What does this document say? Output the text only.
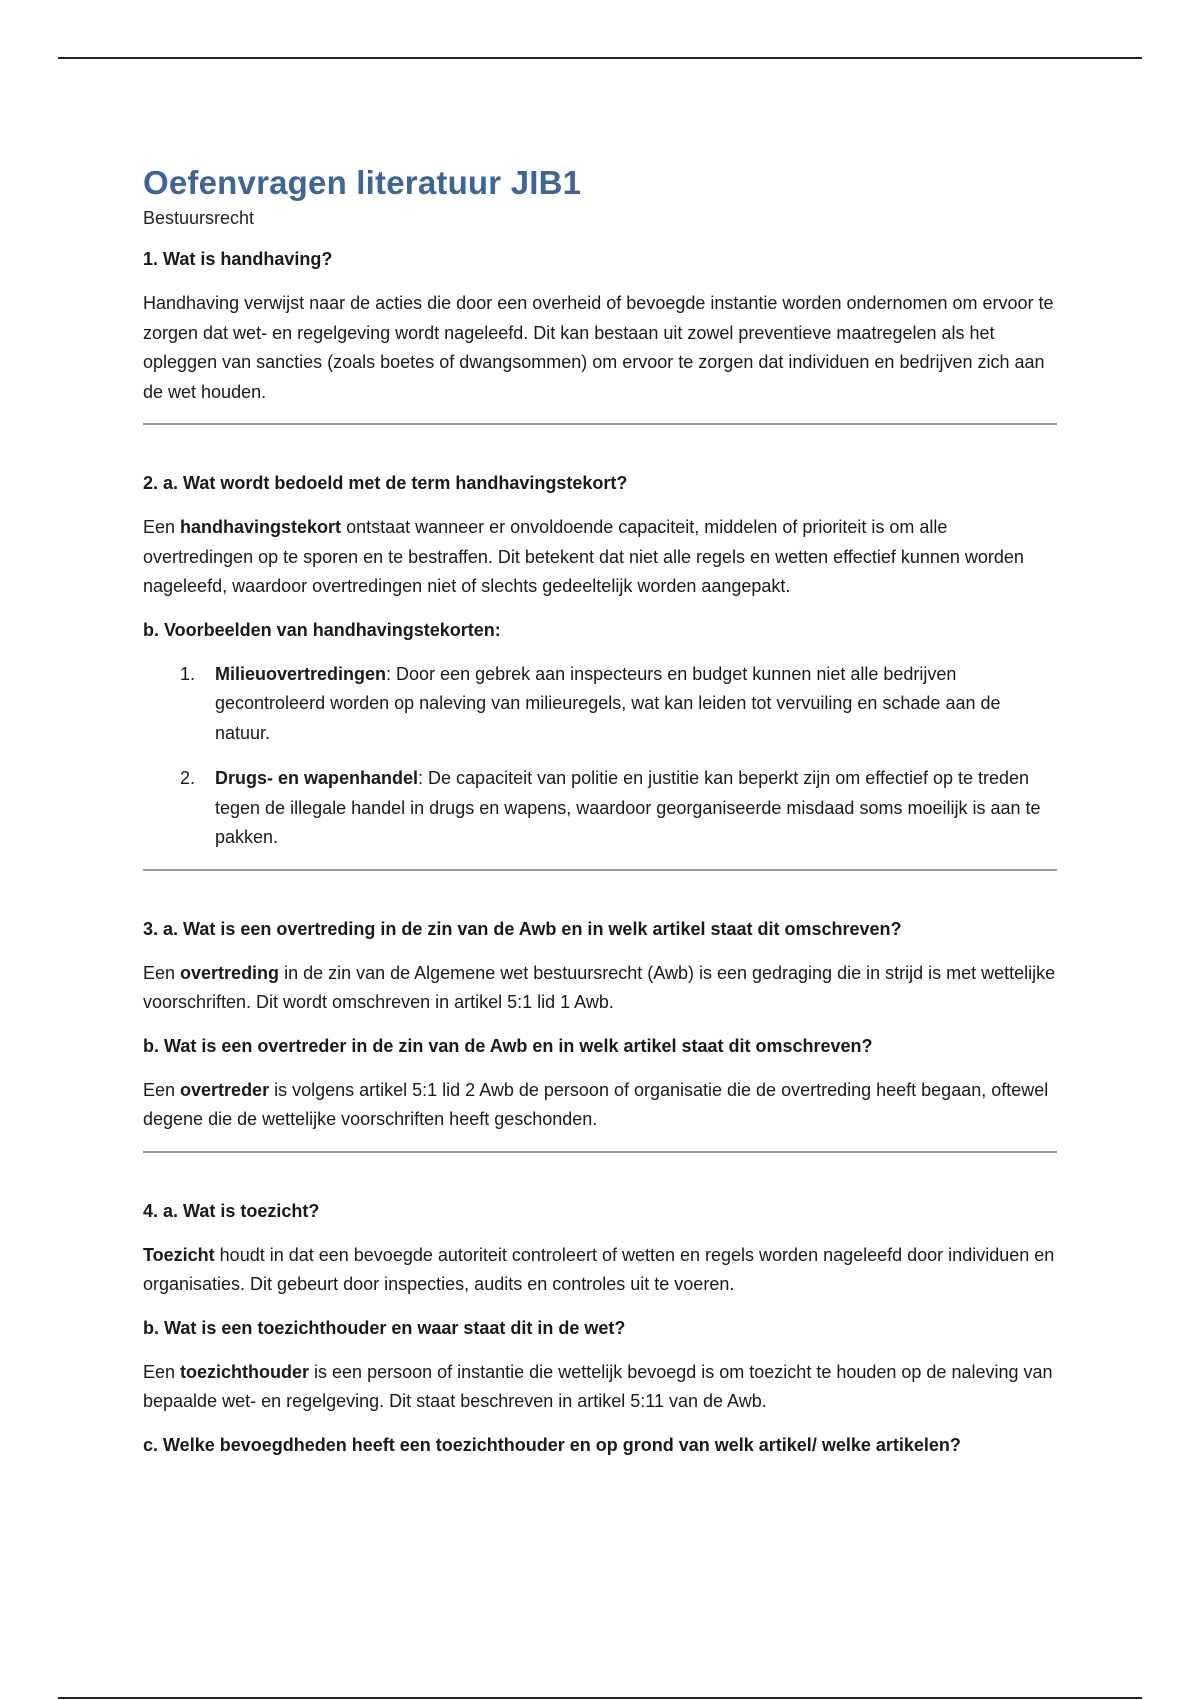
Oefenvragen literatuur JIB1
Bestuursrecht
1. Wat is handhaving?

Handhaving verwijst naar de acties die door een overheid of bevoegde instantie worden ondernomen om ervoor te zorgen dat wet- en regelgeving wordt nageleefd. Dit kan bestaan uit zowel preventieve maatregelen als het opleggen van sancties (zoals boetes of dwangsommen) om ervoor te zorgen dat individuen en bedrijven zich aan de wet houden.

2. a. Wat wordt bedoeld met de term handhavingstekort?

Een handhavingstekort ontstaat wanneer er onvoldoende capaciteit, middelen of prioriteit is om alle overtredingen op te sporen en te bestraffen. Dit betekent dat niet alle regels en wetten effectief kunnen worden nageleefd, waardoor overtredingen niet of slechts gedeeltelijk worden aangepakt.

b. Voorbeelden van handhavingstekorten:
1.	Milieuovertredingen: Door een gebrek aan inspecteurs en budget kunnen niet alle bedrijven gecontroleerd worden op naleving van milieuregels, wat kan leiden tot vervuiling en schade aan de natuur.
2.	Drugs- en wapenhandel: De capaciteit van politie en justitie kan beperkt zijn om effectief op te treden tegen de illegale handel in drugs en wapens, waardoor georganiseerde misdaad soms moeilijk is aan te pakken.
3. a. Wat is een overtreding in de zin van de Awb en in welk artikel staat dit omschreven?

Een overtreding in de zin van de Algemene wet bestuursrecht (Awb) is een gedraging die in strijd is met wettelijke voorschriften. Dit wordt omschreven in artikel 5:1 lid 1 Awb.

b. Wat is een overtreder in de zin van de Awb en in welk artikel staat dit omschreven?

Een overtreder is volgens artikel 5:1 lid 2 Awb de persoon of organisatie die de overtreding heeft begaan, oftewel degene die de wettelijke voorschriften heeft geschonden.

4. a. Wat is toezicht?

Toezicht houdt in dat een bevoegde autoriteit controleert of wetten en regels worden nageleefd door individuen en organisaties. Dit gebeurt door inspecties, audits en controles uit te voeren.

b. Wat is een toezichthouder en waar staat dit in de wet?

Een toezichthouder is een persoon of instantie die wettelijk bevoegd is om toezicht te houden op de naleving van bepaalde wet- en regelgeving. Dit staat beschreven in artikel 5:11 van de Awb.

c. Welke bevoegdheden heeft een toezichthouder en op grond van welk artikel/ welke artikelen?
